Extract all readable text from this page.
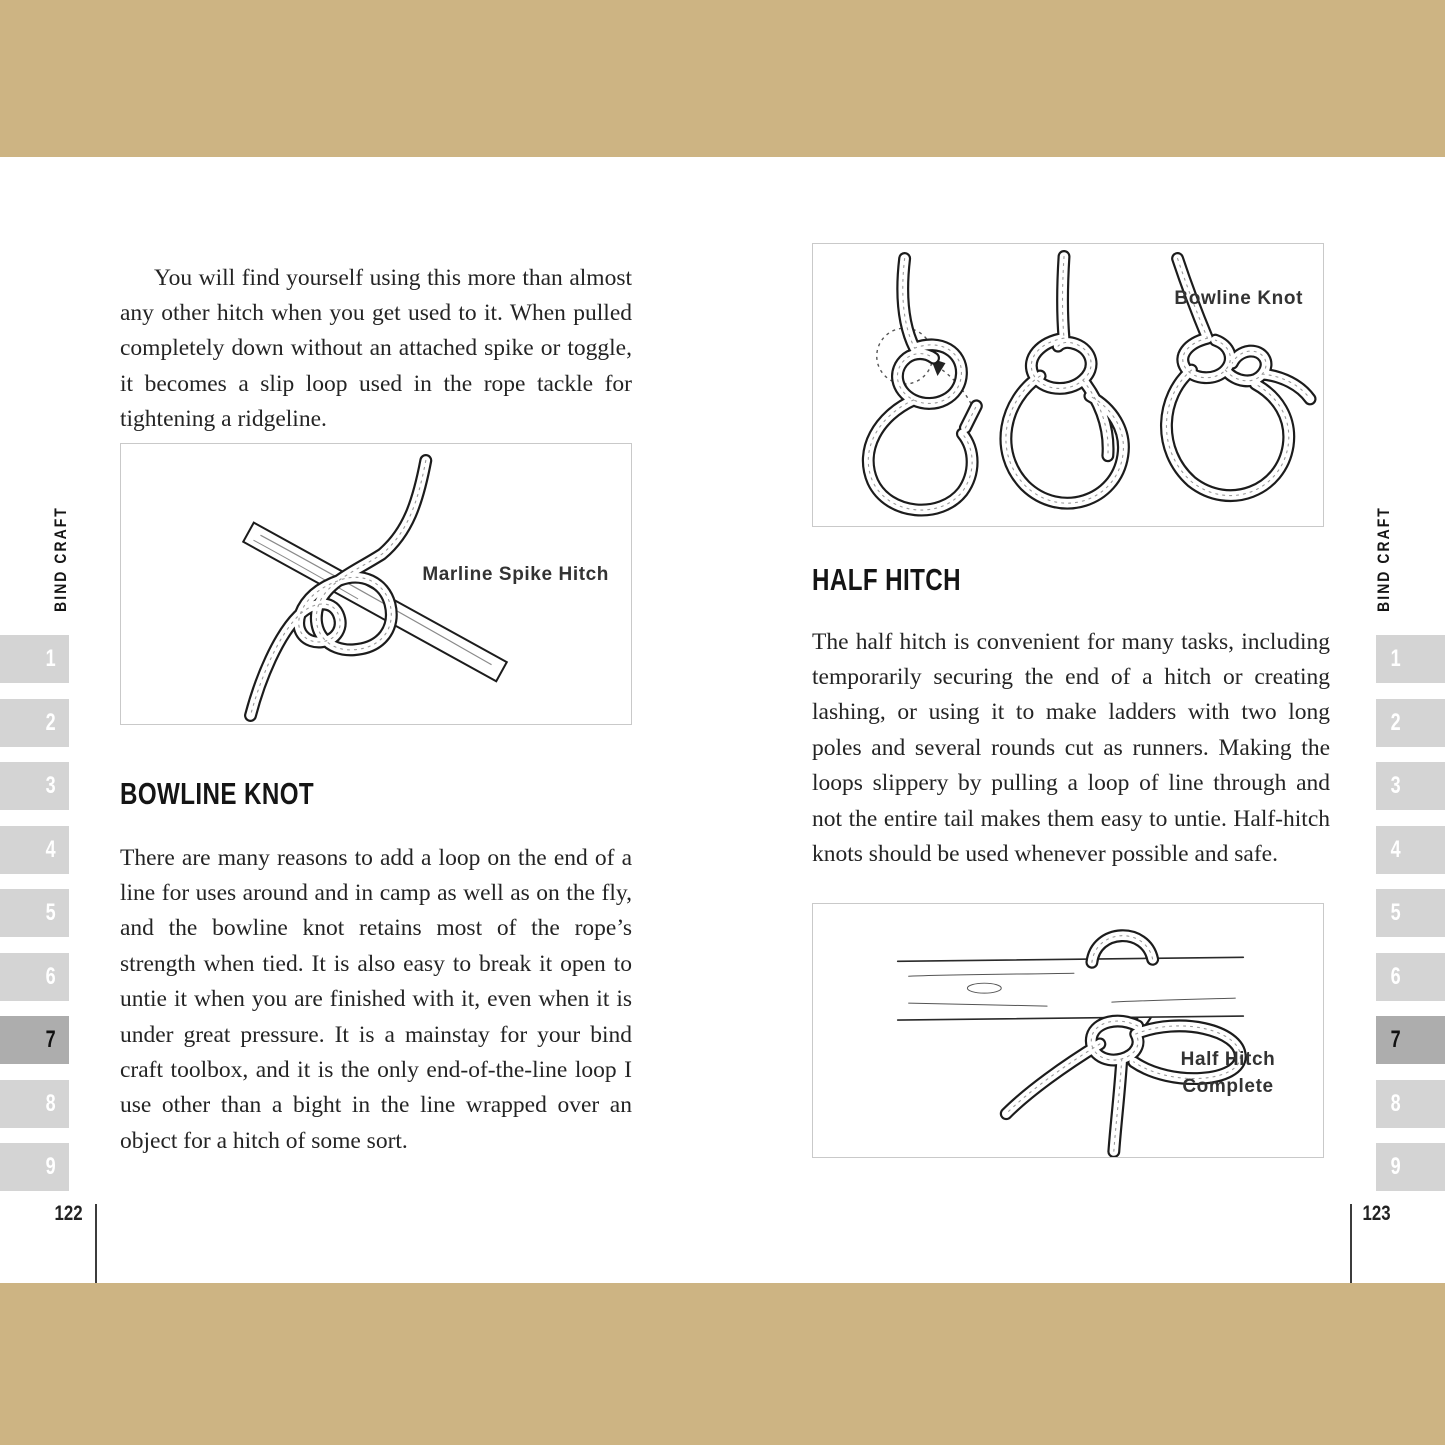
BIND CRAFT
1
2
3
4
5
6
7
8
9
BIND CRAFT
1
2
3
4
5
6
7
8
9

You will find yourself using this more than almost any other hitch when you get used to it. When pulled completely down without an attached spike or toggle, it becomes a slip loop used in the rope tackle for tightening a ridgeline.

Marline Spike Hitch
BOWLINE KNOT

There are many reasons to add a loop on the end of a line for uses around and in camp as well as on the fly, and the bowline knot retains most of the rope’s strength when tied. It is also easy to break it open to untie it when you are finished with it, even when it is under great pressure. It is a mainstay for your bind craft toolbox, and it is the only end-of-the-line loop I use other than a bight in the line wrapped over an object for a hitch of some sort.

122
Bowline Knot
HALF HITCH

The half hitch is convenient for many tasks, including temporarily securing the end of a hitch or creating lashing, or using it to make ladders with two long poles and several rounds cut as runners. Making the loops slippery by pulling a loop of line through and not the entire tail makes them easy to untie. Half-hitch knots should be used whenever possible and safe.

Half Hitch
Complete
123
